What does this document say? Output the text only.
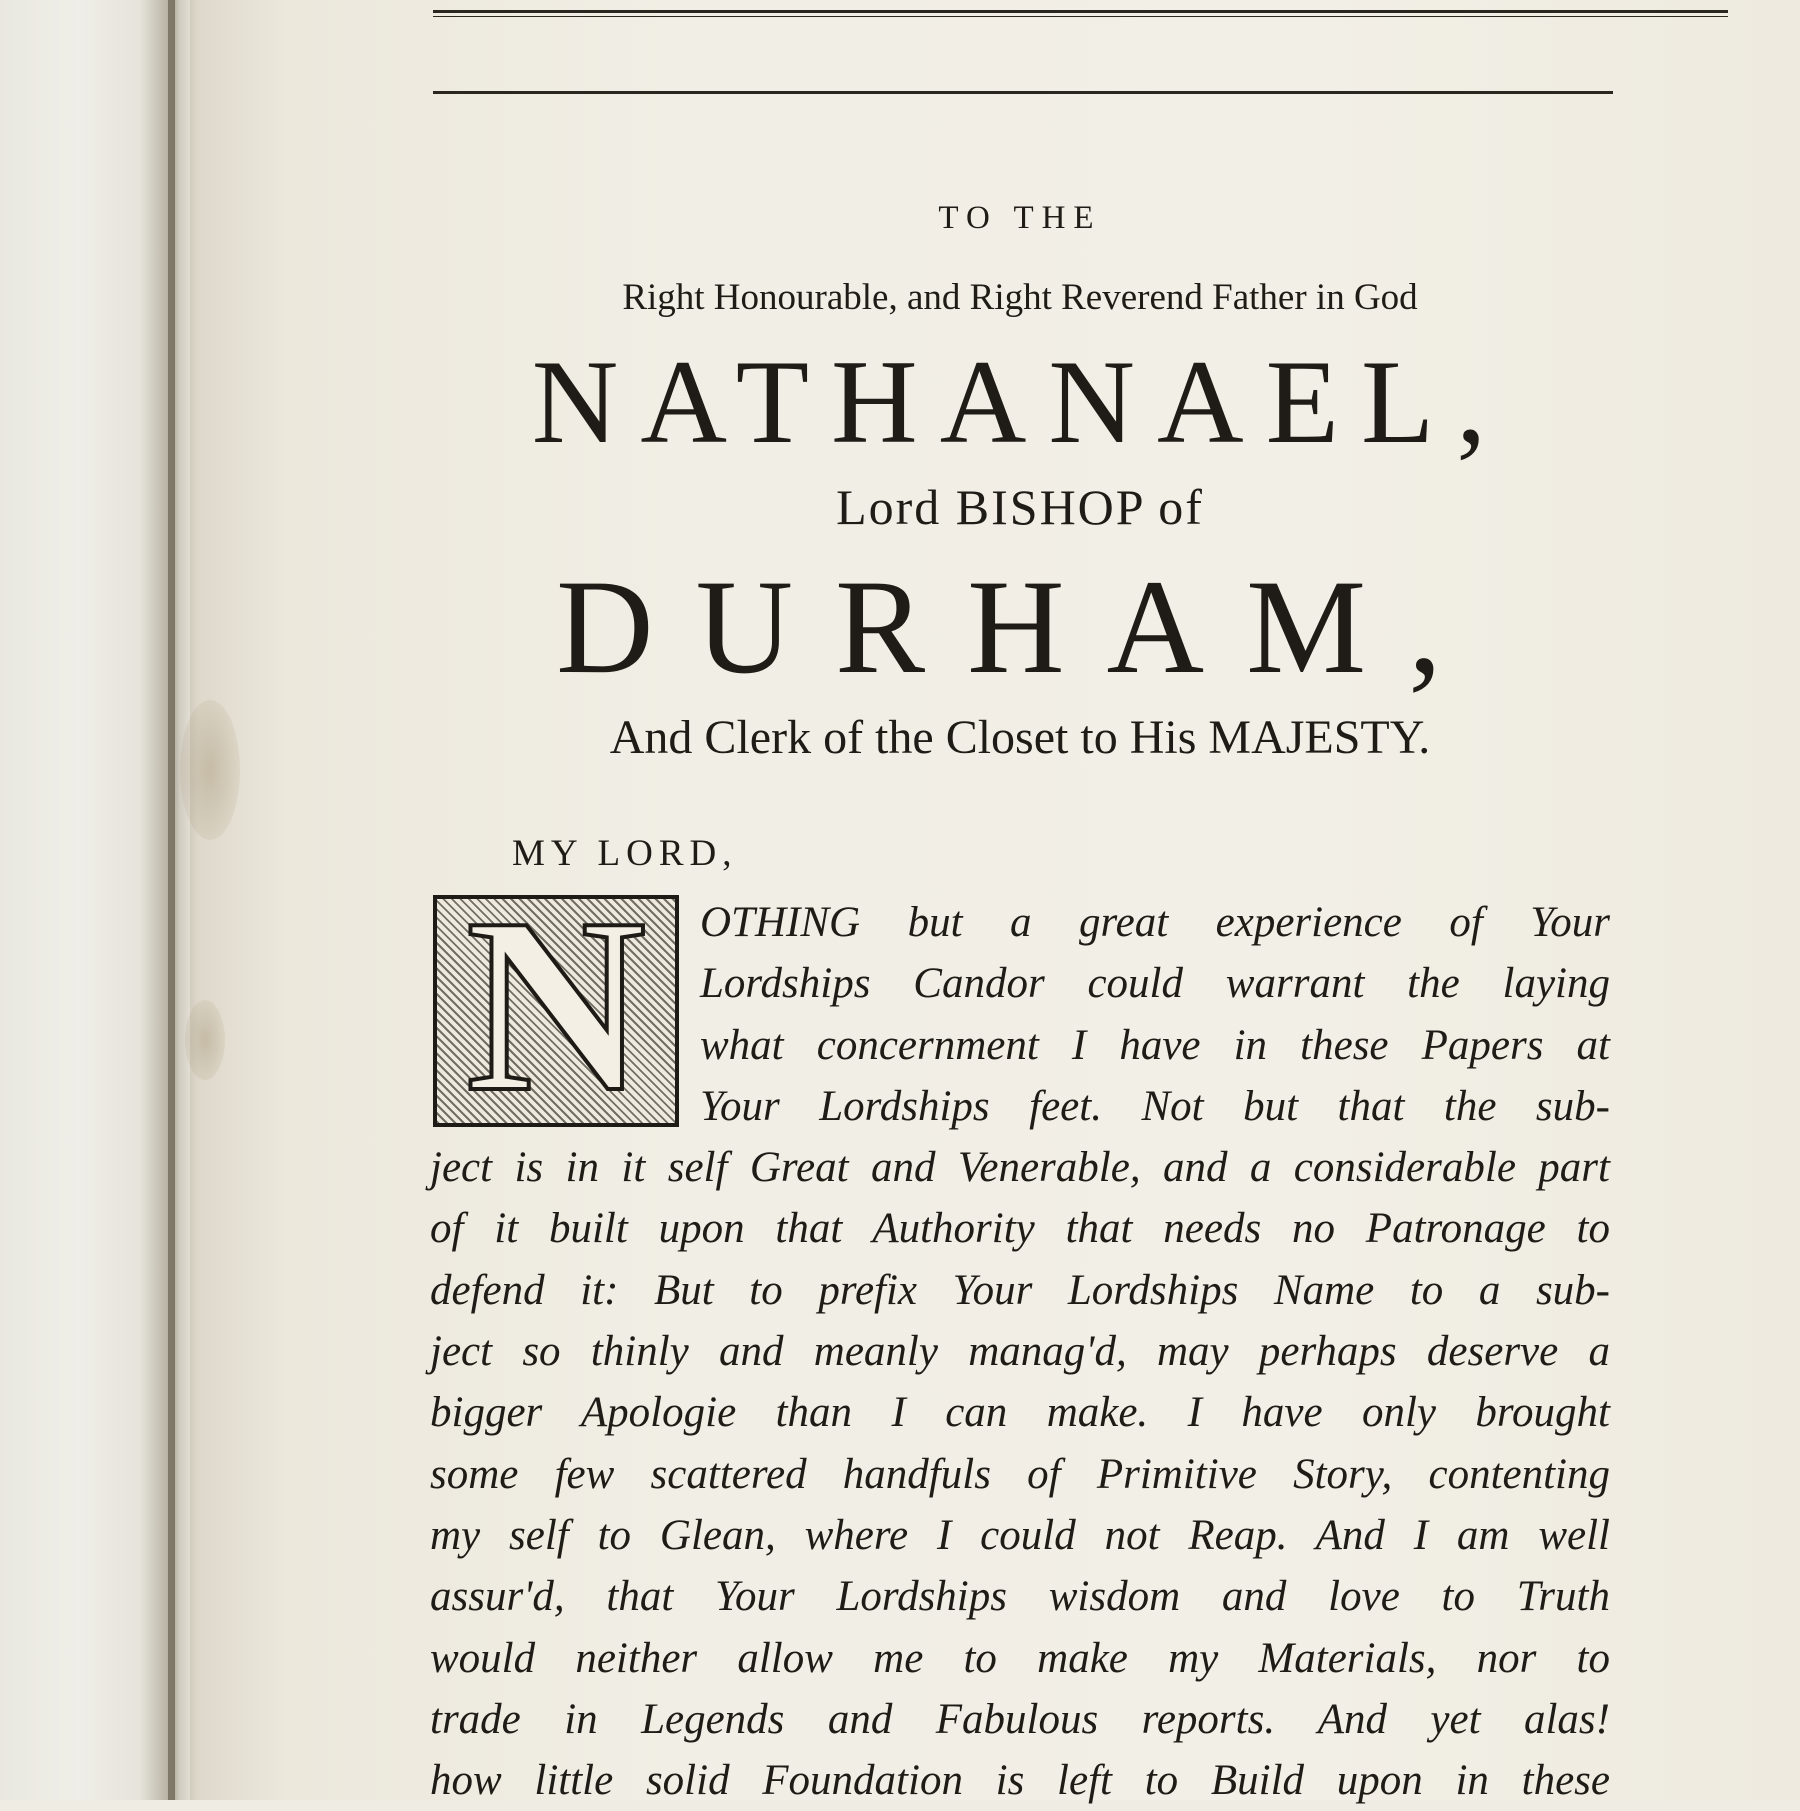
TO THE
Right Honourable, and Right Reverend Father in God
NATHANAEL,
Lord BISHOP of
DURHAM,
And Clerk of the Closet to His MAJESTY.
MY LORD,
N	OTHING but a great experience of Your
Lordships Candor could warrant the laying
what concernment I have in these Papers at
Your Lordships feet. Not but that the sub-
ject is in it self Great and Venerable, and a considerable part
of it built upon that Authority that needs no Patronage to
defend it: But to prefix Your Lordships Name to a sub-
ject so thinly and meanly manag'd, may perhaps deserve a
bigger Apologie than I can make. I have only brought
some few scattered handfuls of Primitive Story, contenting
my self to Glean, where I could not Reap. And I am well
assur'd, that Your Lordships wisdom and love to Truth
would neither allow me to make my Materials, nor to
trade in Legends and Fabulous reports. And yet alas!
how little solid Foundation is left to Build upon in these
